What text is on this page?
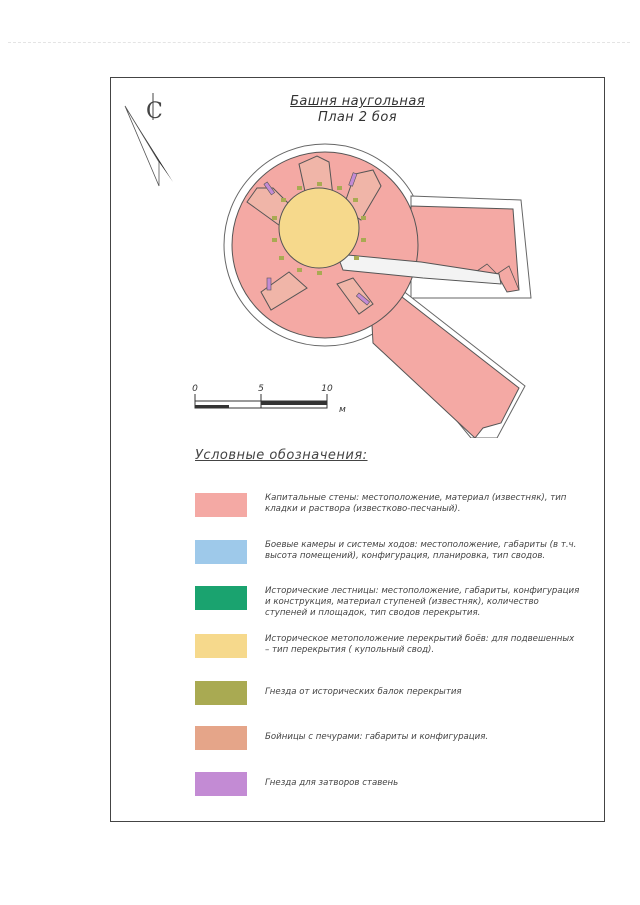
Башня наугольная
План 2 боя
С
0	5	10
м
Условные обозначения:
Капитальные стены: местоположение, материал (известняк), тип кладки и раствора (известково-песчаный).
Боевые камеры и системы ходов: местоположение, габариты (в т.ч. высота помещений), конфигурация, планировка, тип сводов.
Исторические лестницы: местоположение, габариты, конфигурация и конструкция, материал ступеней (известняк), количество ступеней и площадок, тип сводов перекрытия.
Историческое метоположение перекрытий боёв: для подвешенных – тип перекрытия ( купольный свод).
Гнезда от исторических балок перекрытия
Бойницы с печурами: габариты и конфигурация.
Гнезда для затворов ставень
